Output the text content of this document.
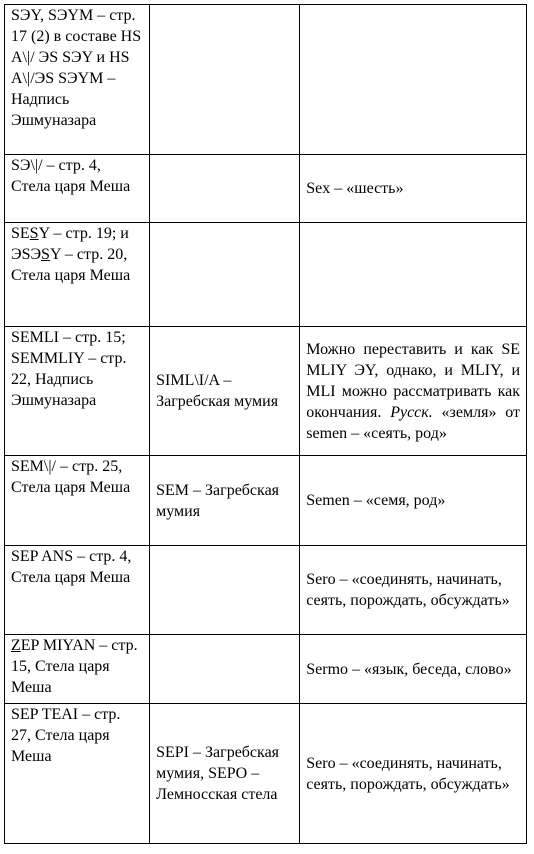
SЭY, SЭYM – стр. 17 (2) в составе HS A\|/ ЭS SЭY и HS A\|/ЭS SЭYM – Надпись Эшмуназара		
SЭ\|/ – стр. 4, Стела царя Меша		Sex – «шесть»
SESY – стр. 19; и ЭSЭSY – стр. 20, Стела царя Меша		
SEMLI – стр. 15; SEMMLIY – стр. 22, Надпись Эшмуназара	SIML\I/A – Загребская мумия	Можно переставить и как SE MLIY ЭY, однако, и MLIY, и MLI можно рассматривать как окончания. Русск. «земля» от semen – «сеять, род»
SEM\|/ – стр. 25, Стела царя Меша	SEM – Загребская мумия	Semen – «семя, род»
SEP ANS – стр. 4, Стела царя Меша		Sero – «соединять, начинать, сеять, порождать, обсуждать»
ZEP MIYAN – стр. 15, Стела царя Меша		Sermo – «язык, беседа, слово»
SEP TEAI – стр. 27, Стела царя Меша	SEPI – Загребская мумия, SEPO – Лемносская стела	Sero – «соединять, начинать, сеять, порождать, обсуждать»
